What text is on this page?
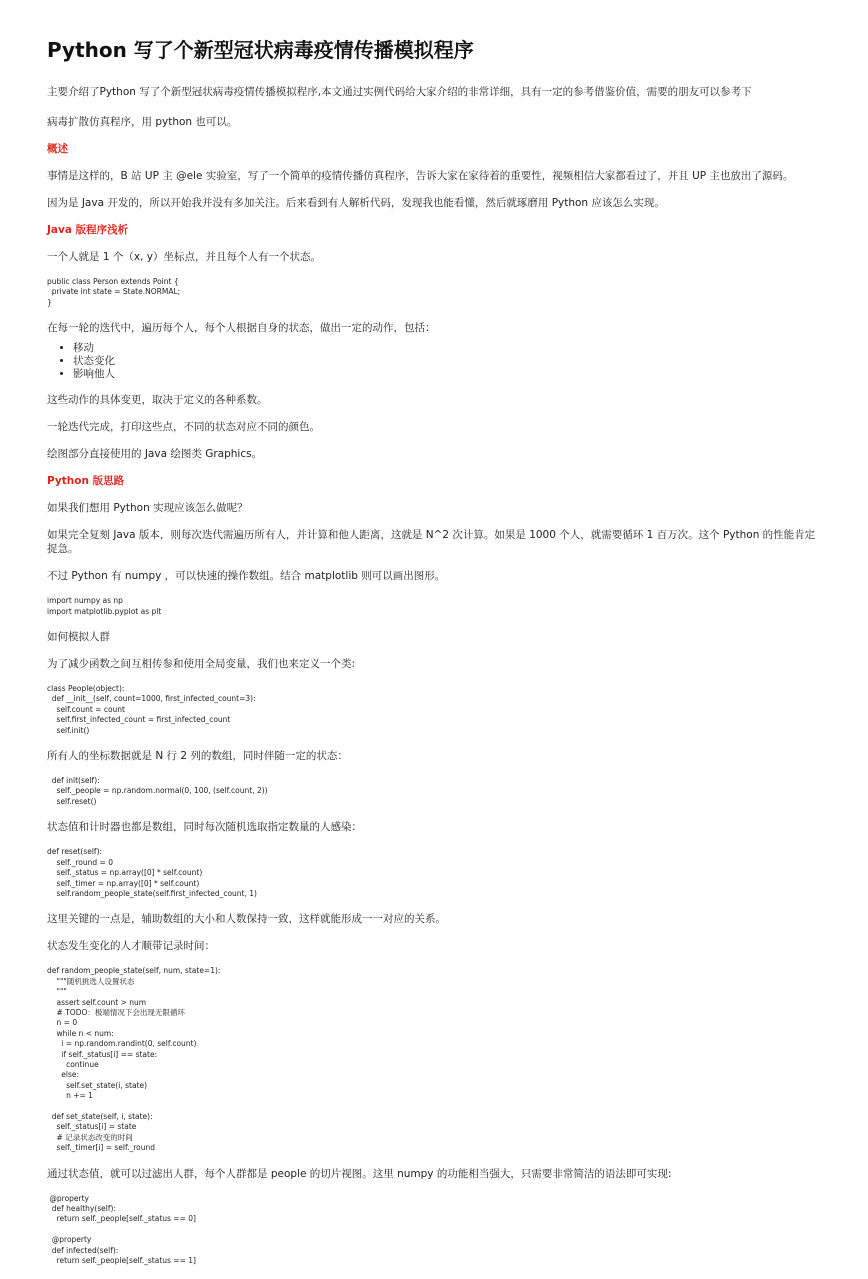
Python 写了个新型冠状病毒疫情传播模拟程序

主要介绍了Python 写了个新型冠状病毒疫情传播模拟程序,本文通过实例代码给大家介绍的非常详细，具有一定的参考借鉴价值，需要的朋友可以参考下

病毒扩散仿真程序，用 python 也可以。

概述

事情是这样的，B 站 UP 主 @ele 实验室，写了一个简单的疫情传播仿真程序，告诉大家在家待着的重要性，视频相信大家都看过了，并且 UP 主也放出了源码。

因为是 Java 开发的，所以开始我并没有多加关注。后来看到有人解析代码，发现我也能看懂，然后就琢磨用 Python 应该怎么实现。

Java 版程序浅析

一个人就是 1 个（x, y）坐标点，并且每个人有一个状态。

public class Person extends Point {
private int state = State.NORMAL;
}

在每一轮的迭代中，遍历每个人，每个人根据自身的状态，做出一定的动作，包括：

• 移动
• 状态变化
• 影响他人

这些动作的具体变更，取决于定义的各种系数。

一轮迭代完成，打印这些点，不同的状态对应不同的颜色。

绘图部分直接使用的 Java 绘图类 Graphics。

Python 版思路

如果我们想用 Python 实现应该怎么做呢？

如果完全复刻 Java 版本，则每次迭代需遍历所有人，并计算和他人距离，这就是 N^2 次计算。如果是 1000 个人，就需要循环 1 百万次。这个 Python 的性能肯定捉急。

不过 Python 有 numpy ，可以快速的操作数组。结合 matplotlib 则可以画出图形。

import numpy as np
import matplotlib.pyplot as plt

如何模拟人群

为了减少函数之间互相传参和使用全局变量，我们也来定义一个类:

class People(object):
def __init__(self, count=1000, first_infected_count=3):
self.count = count
self.first_infected_count = first_infected_count
self.init()

所有人的坐标数据就是 N 行 2 列的数组，同时伴随一定的状态：

def init(self):
self._people = np.random.normal(0, 100, (self.count, 2))
self.reset()

状态值和计时器也都是数组，同时每次随机选取指定数量的人感染：

def reset(self):
self._round = 0
self._status = np.array([0] * self.count)
self._timer = np.array([0] * self.count)
self.random_people_state(self.first_infected_count, 1)

这里关键的一点是，辅助数组的大小和人数保持一致，这样就能形成一一对应的关系。

状态发生变化的人才顺带记录时间：

def random_people_state(self, num, state=1):
"""随机挑选人设置状态
"""
assert self.count > num
# TODO：极端情况下会出现无限循环
n = 0
while n < num:
i = np.random.randint(0, self.count)
if self._status[i] == state:
continue
else:
self.set_state(i, state)
n += 1

def set_state(self, i, state):
self._status[i] = state
# 记录状态改变的时间
self._timer[i] = self._round

通过状态值，就可以过滤出人群，每个人群都是 people 的切片视图。这里 numpy 的功能相当强大，只需要非常简洁的语法即可实现:

@property
def healthy(self):
return self._people[self._status == 0]

@property
def infected(self):
return self._people[self._status == 1]
